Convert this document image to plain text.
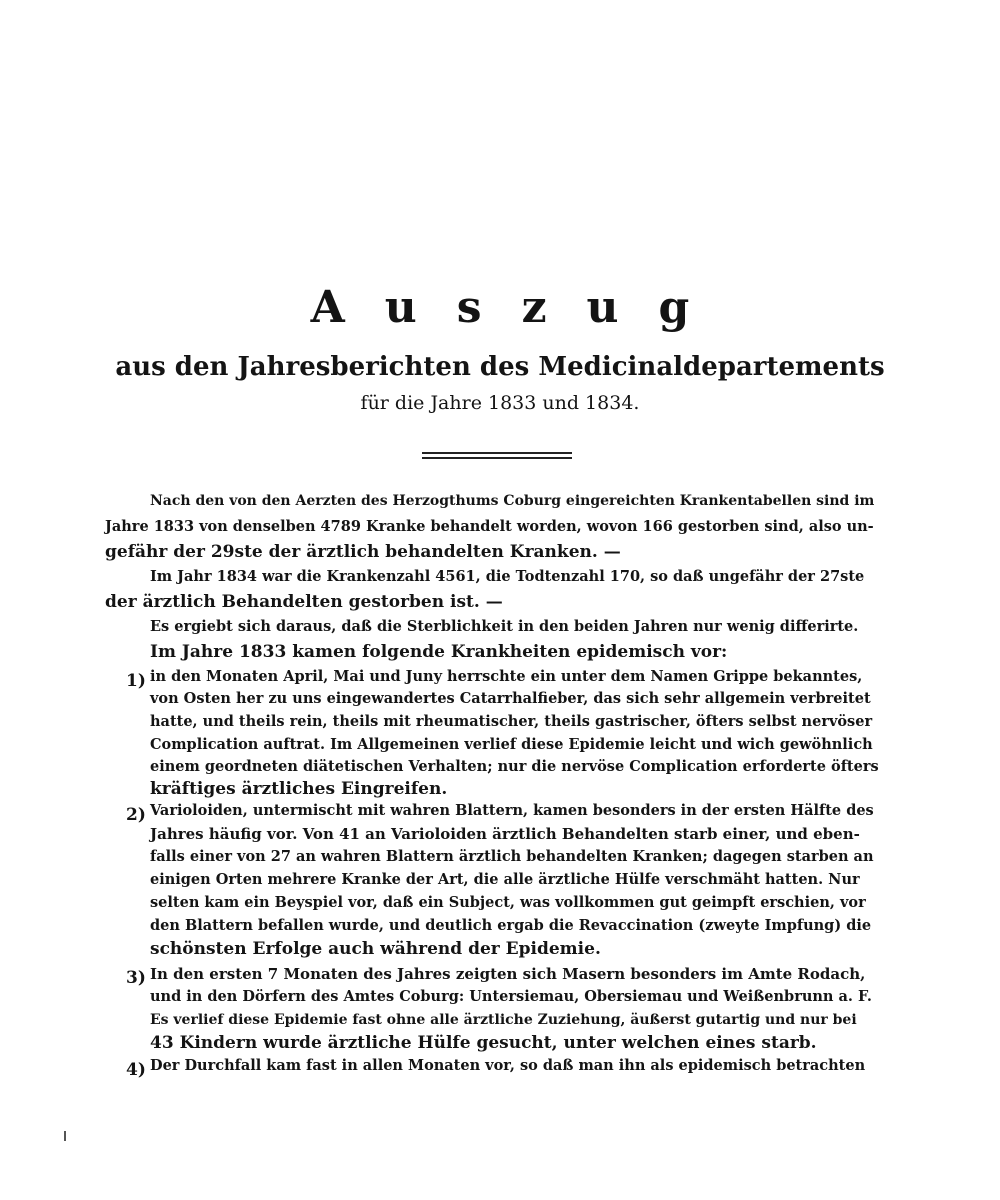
Auszug
aus den Jahresberichten des Medicinaldepartements
für die Jahre 1833 und 1834.
Nach den von den Aerzten des Herzogthums Coburg eingereichten Krankentabellen sind im
Jahre 1833 von denselben 4789 Kranke behandelt worden, wovon 166 gestorben sind, also un-
gefähr der 29ste der ärztlich behandelten Kranken. —
Im Jahr 1834 war die Krankenzahl 4561, die Todtenzahl 170, so daß ungefähr der 27ste
der ärztlich Behandelten gestorben ist. —
Es ergiebt sich daraus, daß die Sterblichkeit in den beiden Jahren nur wenig differirte.
Im Jahre 1833 kamen folgende Krankheiten epidemisch vor:
1) in den Monaten April, Mai und Juny herrschte ein unter dem Namen Grippe bekanntes,
von Osten her zu uns eingewandertes Catarrhalfieber, das sich sehr allgemein verbreitet
hatte, und theils rein, theils mit rheumatischer, theils gastrischer, öfters selbst nervöser
Complication auftrat. Im Allgemeinen verlief diese Epidemie leicht und wich gewöhnlich
einem geordneten diätetischen Verhalten; nur die nervöse Complication erforderte öfters
kräftiges ärztliches Eingreifen.
2) Varioloiden, untermischt mit wahren Blattern, kamen besonders in der ersten Hälfte des
Jahres häufig vor. Von 41 an Varioloiden ärztlich Behandelten starb einer, und eben-
falls einer von 27 an wahren Blattern ärztlich behandelten Kranken; dagegen starben an
einigen Orten mehrere Kranke der Art, die alle ärztliche Hülfe verschmäht hatten. Nur
selten kam ein Beyspiel vor, daß ein Subject, was vollkommen gut geimpft erschien, vor
den Blattern befallen wurde, und deutlich ergab die Revaccination (zweyte Impfung) die
schönsten Erfolge auch während der Epidemie.
3) In den ersten 7 Monaten des Jahres zeigten sich Masern besonders im Amte Rodach,
und in den Dörfern des Amtes Coburg: Untersiemau, Obersiemau und Weißenbrunn a. F.
Es verlief diese Epidemie fast ohne alle ärztliche Zuziehung, äußerst gutartig und nur bei
43 Kindern wurde ärztliche Hülfe gesucht, unter welchen eines starb.
4) Der Durchfall kam fast in allen Monaten vor, so daß man ihn als epidemisch betrachten
